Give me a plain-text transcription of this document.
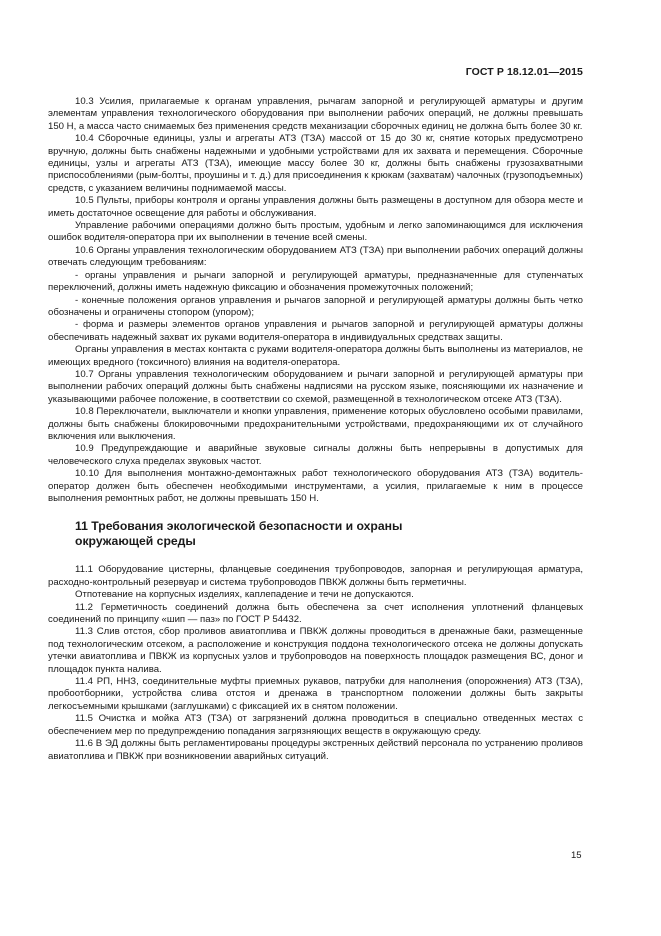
ГОСТ Р 18.12.01—2015

10.3 Усилия, прилагаемые к органам управления, рычагам запорной и регулирующей арматуры и другим элементам управления технологического оборудования при выполнении рабочих операций, не должны превышать 150 Н, а масса часто снимаемых без применения средств механизации сборочных единиц не должна быть более 30 кг.

10.4 Сборочные единицы, узлы и агрегаты АТЗ (ТЗА) массой от 15 до 30 кг, снятие которых предусмотрено вручную, должны быть снабжены надежными и удобными устройствами для их захвата и перемещения. Сборочные единицы, узлы и агрегаты АТЗ (ТЗА), имеющие массу более 30 кг, должны быть снабжены грузозахватными приспособлениями (рым-болты, проушины и т. д.) для присоединения к крюкам (захватам) чалочных (грузоподъемных) средств, с указанием величины поднимаемой массы.

10.5 Пульты, приборы контроля и органы управления должны быть размещены в доступном для обзора месте и иметь достаточное освещение для работы и обслуживания.

Управление рабочими операциями должно быть простым, удобным и легко запоминающимся для исключения ошибок водителя-оператора при их выполнении в течение всей смены.

10.6 Органы управления технологическим оборудованием АТЗ (ТЗА) при выполнении рабочих операций должны отвечать следующим требованиям:

- органы управления и рычаги запорной и регулирующей арматуры, предназначенные для ступенчатых переключений, должны иметь надежную фиксацию и обозначения промежуточных положений;

- конечные положения органов управления и рычагов запорной и регулирующей арматуры должны быть четко обозначены и ограничены стопором (упором);

- форма и размеры элементов органов управления и рычагов запорной и регулирующей арматуры должны обеспечивать надежный захват их руками водителя-оператора в индивидуальных средствах защиты.

Органы управления в местах контакта с руками водителя-оператора должны быть выполнены из материалов, не имеющих вредного (токсичного) влияния на водителя-оператора.

10.7 Органы управления технологическим оборудованием и рычаги запорной и регулирующей арматуры при выполнении рабочих операций должны быть снабжены надписями на русском языке, поясняющими их назначение и указывающими рабочее положение, в соответствии со схемой, размещенной в технологическом отсеке АТЗ (ТЗА).

10.8 Переключатели, выключатели и кнопки управления, применение которых обусловлено особыми правилами, должны быть снабжены блокировочными предохранительными устройствами, предохраняющими их от случайного включения или выключения.

10.9 Предупреждающие и аварийные звуковые сигналы должны быть непрерывны в допустимых для человеческого слуха пределах звуковых частот.

10.10 Для выполнения монтажно-демонтажных работ технологического оборудования АТЗ (ТЗА) водитель-оператор должен быть обеспечен необходимыми инструментами, а усилия, прилагаемые к ним в процессе выполнения ремонтных работ, не должны превышать 150 Н.

11 Требования экологической безопасности и охраны
окружающей среды

11.1 Оборудование цистерны, фланцевые соединения трубопроводов, запорная и регулирующая арматура, расходно-контрольный резервуар и система трубопроводов ПВКЖ должны быть герметичны.

Отпотевание на корпусных изделиях, каплепадение и течи не допускаются.

11.2 Герметичность соединений должна быть обеспечена за счет исполнения уплотнений фланцевых соединений по принципу «шип — паз» по ГОСТ Р 54432.

11.3 Слив отстоя, сбор проливов авиатоплива и ПВКЖ должны проводиться в дренажные баки, размещенные под технологическим отсеком, а расположение и конструкция поддона технологического отсека не должны допускать утечки авиатоплива и ПВКЖ из корпусных узлов и трубопроводов на поверхность площадок размещения ВС, доног и площадок пункта налива.

11.4 РП, ННЗ, соединительные муфты приемных рукавов, патрубки для наполнения (опорожнения) АТЗ (ТЗА), пробоотборники, устройства слива отстоя и дренажа в транспортном положении должны быть закрыты легкосъемными крышками (заглушками) с фиксацией их в снятом положении.

11.5 Очистка и мойка АТЗ (ТЗА) от загрязнений должна проводиться в специально отведенных местах с обеспечением мер по предупреждению попадания загрязняющих веществ в окружающую среду.

11.6 В ЭД должны быть регламентированы процедуры экстренных действий персонала по устранению проливов авиатоплива и ПВКЖ при возникновении аварийных ситуаций.

15
